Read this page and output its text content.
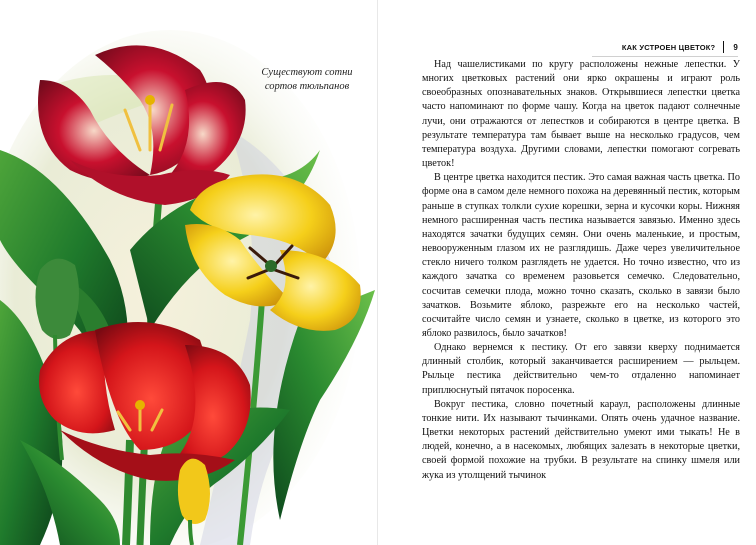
Существуют сотни сортов тюльпанов
КАК УСТРОЕН ЦВЕТОК? 9

Над чашелистиками по кругу расположены нежные лепестки. У многих цветковых растений они ярко окрашены и играют роль своеобразных опознавательных знаков. Открывшиеся лепестки цветка часто напоминают по форме чашу. Когда на цветок падают солнечные лучи, они отражаются от лепестков и собираются в центре цветка. В результате температура там бывает выше на несколько градусов, чем температура воздуха. Другими словами, лепестки помогают согревать цветок!

В центре цветка находится пестик. Это самая важная часть цветка. По форме она в самом деле немного похожа на деревянный пестик, которым раньше в ступках толкли сухие корешки, зерна и кусочки коры. Нижняя немного расширенная часть пестика называется завязью. Именно здесь находятся зачатки будущих семян. Они очень маленькие, и простым, невооруженным глазом их не разглядишь. Даже через увеличительное стекло ничего толком разглядеть не удается. Но точно известно, что из каждого зачатка со временем разовьется семечко. Следовательно, сосчитав семечки плода, можно точно сказать, сколько в завязи было зачатков. Возьмите яблоко, разрежьте его на несколько частей, сосчитайте число семян и узнаете, сколько в цветке, из которого это яблоко развилось, было зачатков!

Однако вернемся к пестику. От его завязи кверху поднимается длинный столбик, который заканчивается расширением — рыльцем. Рыльце пестика действительно чем-то отдаленно напоминает приплюснутый пятачок поросенка.

Вокруг пестика, словно почетный караул, расположены длинные тонкие нити. Их называют тычинками. Опять очень удачное название. Цветки некоторых растений действительно умеют ими тыкать! Не в людей, конечно, а в насекомых, любящих залезать в некоторые цветки, своей формой похожие на трубки. В результате на спинку шмеля или жука из утолщений тычинок
